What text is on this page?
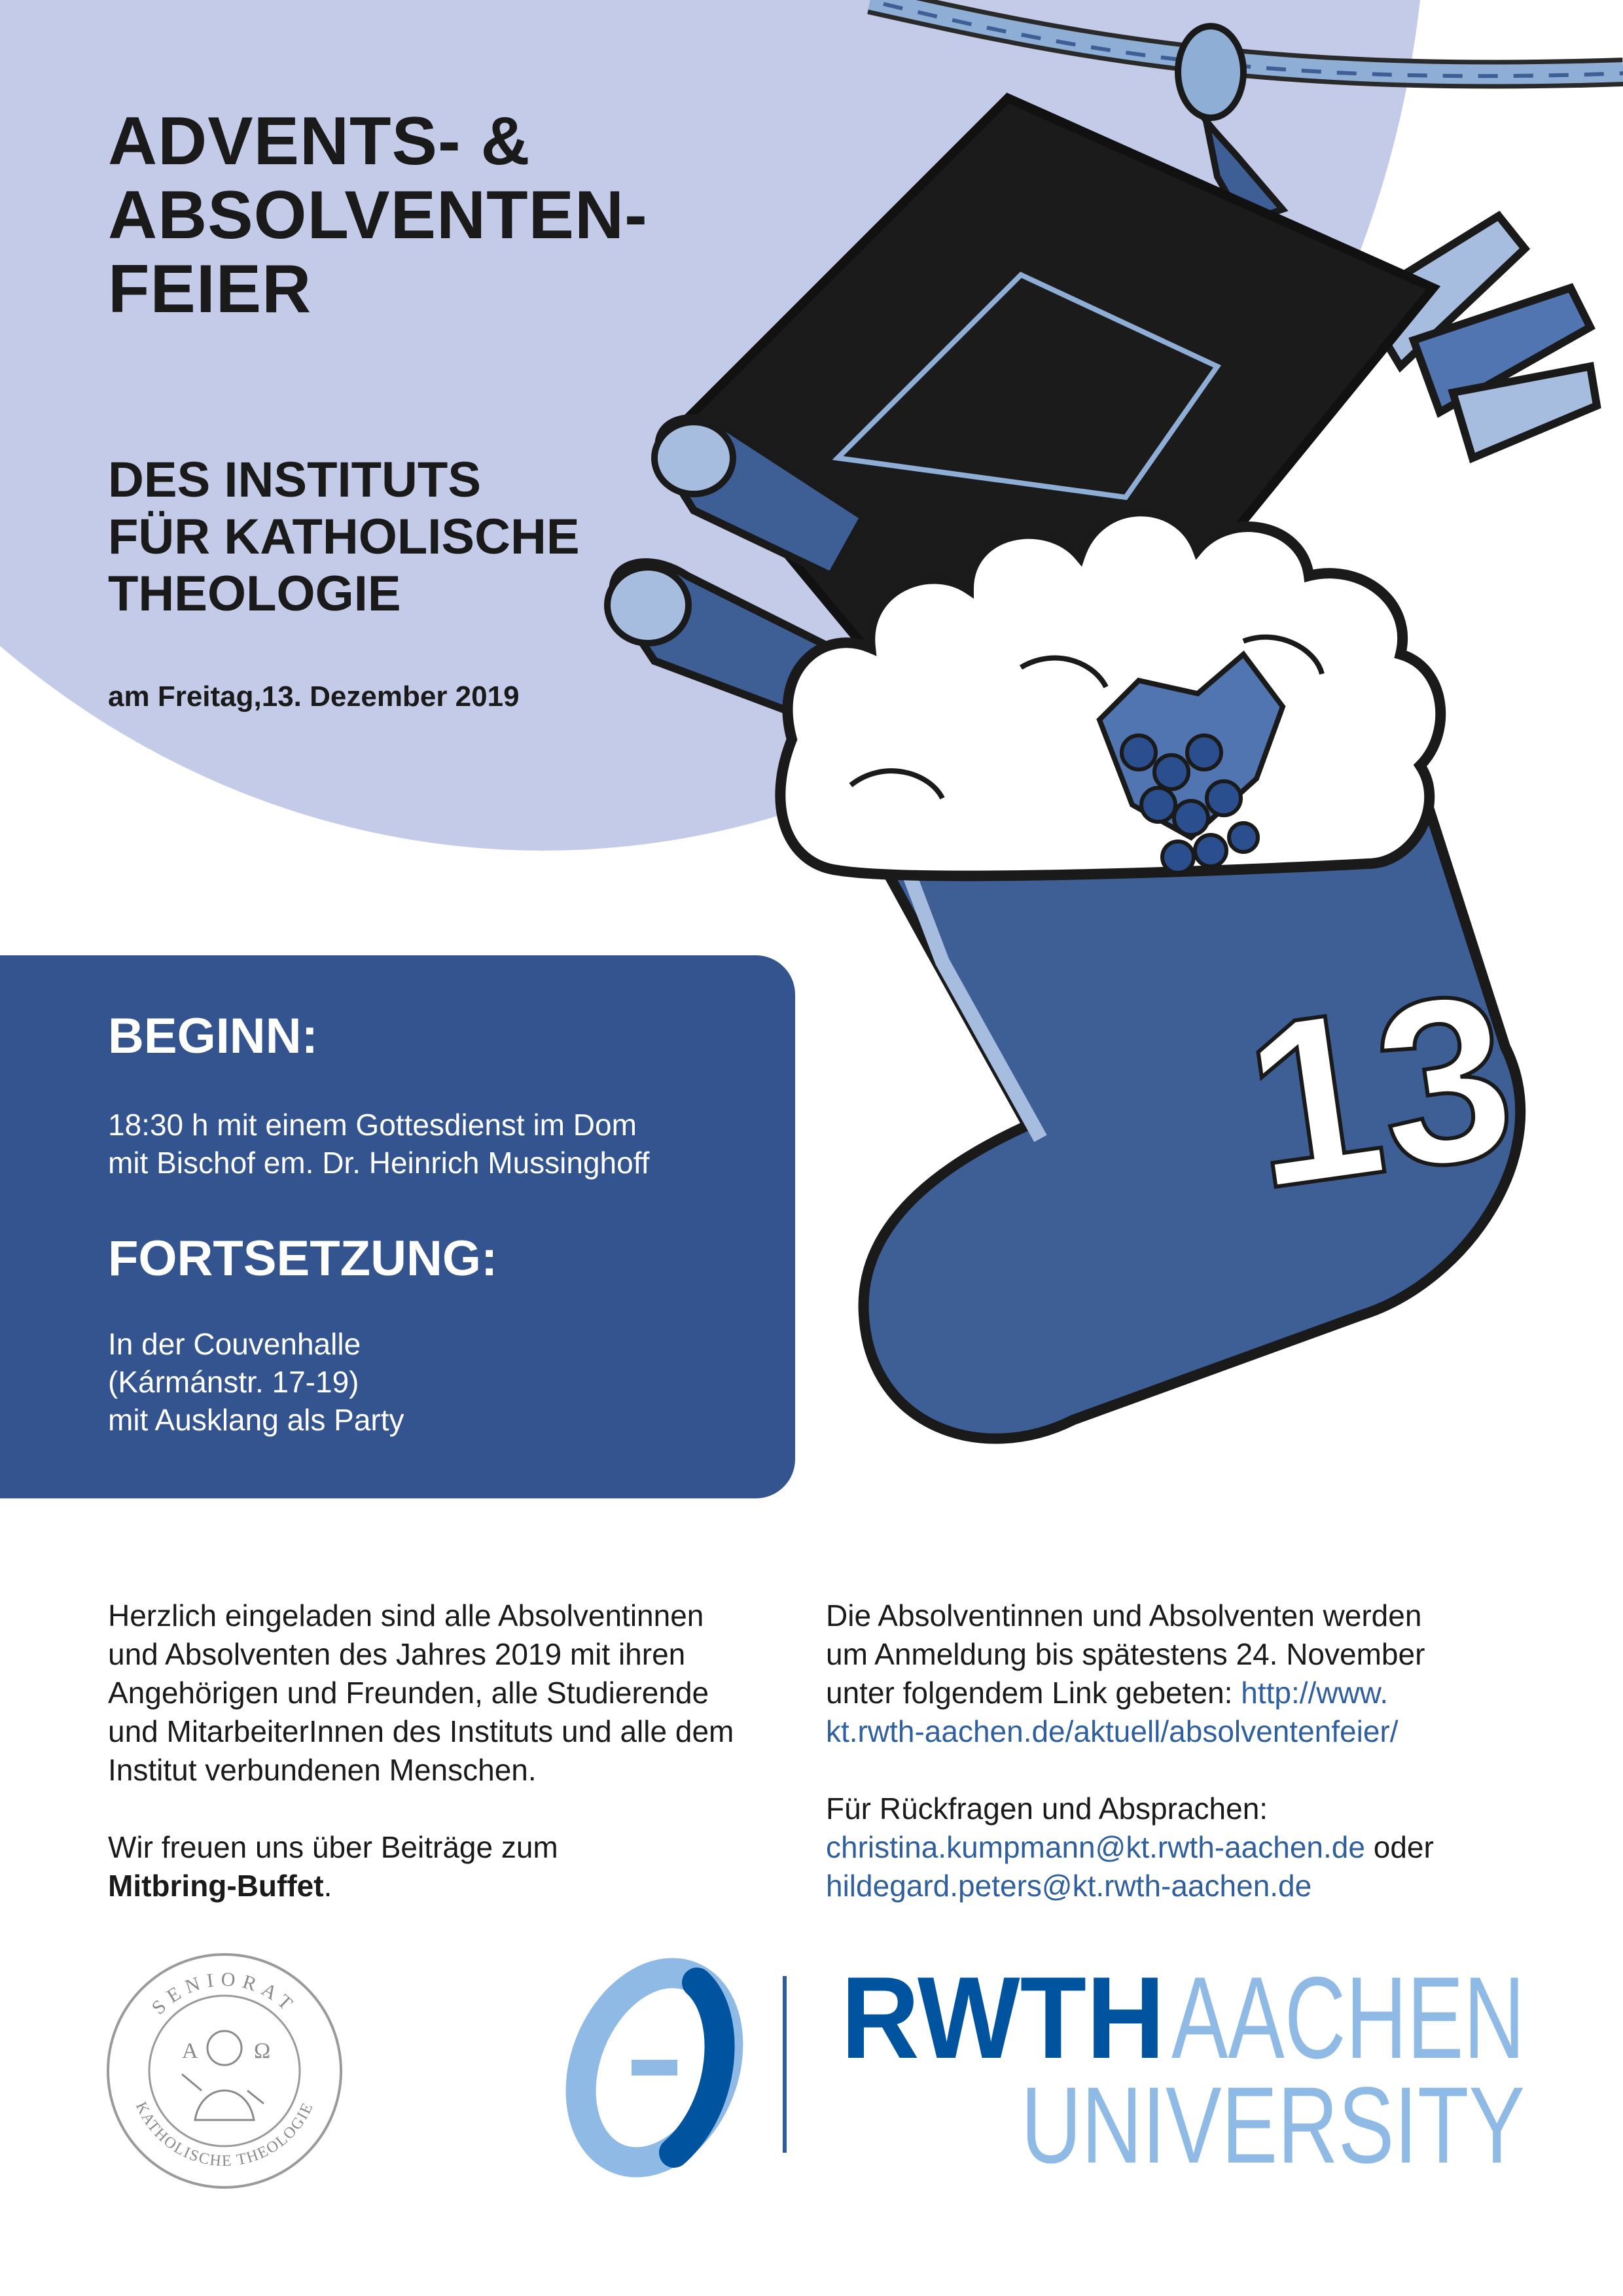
ADVENTS- &
ABSOLVENTEN-
FEIER
DES INSTITUTS
FÜR KATHOLISCHE
THEOLOGIE
am Freitag,13. Dezember 2019
13
BEGINN:
18:30 h mit einem Gottesdienst im Dom
mit Bischof em. Dr. Heinrich Mussinghoff
FORTSETZUNG:
In der Couvenhalle
(Kármánstr. 17-19)
mit Ausklang als Party
Herzlich eingeladen sind alle Absolventinnen
und Absolventen des Jahres 2019 mit ihren
Angehörigen und Freunden, alle Studierende
und MitarbeiterInnen des Instituts und alle dem
Institut verbundenen Menschen.
Wir freuen uns über Beiträge zum
Mitbring-Buffet.
Die Absolventinnen und Absolventen werden
um Anmeldung bis spätestens 24. November
unter folgendem Link gebeten: http://www.
kt.rwth-aachen.de/aktuell/absolventenfeier/
Für Rückfragen und Absprachen:
christina.kumpmann@kt.rwth-aachen.de oder
hildegard.peters@kt.rwth-aachen.de
SENIORAT
KATHOLISCHE THEOLOGIE
A	Ω	RWTH AACHEN
UNIVERSITY
